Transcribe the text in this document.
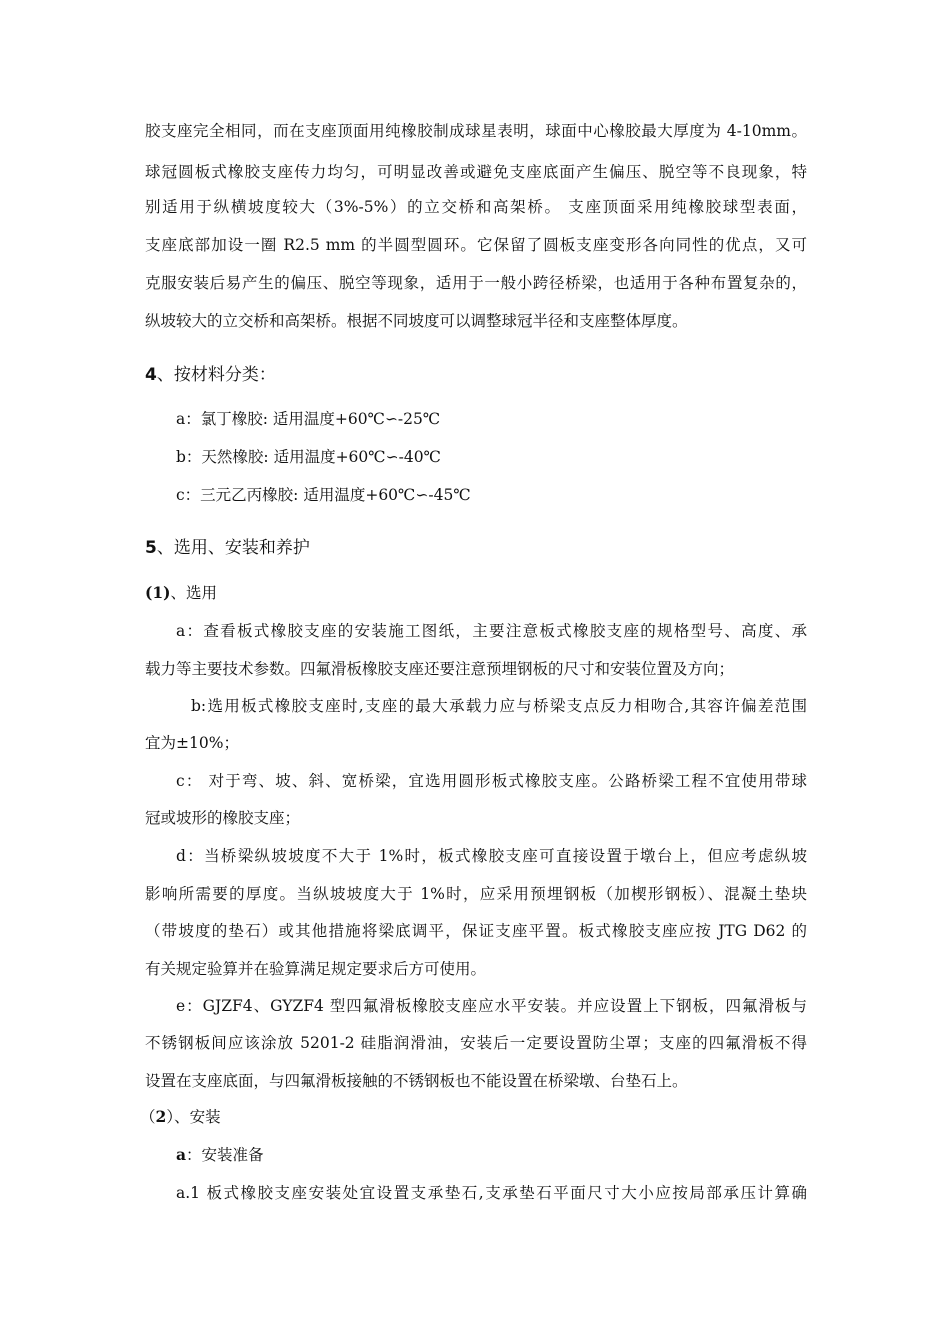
胶支座完全相同，而在支座顶面用纯橡胶制成球星表明，球面中心橡胶最大厚度为 4-10mm。
球冠圆板式橡胶支座传力均匀，可明显改善或避免支座底面产生偏压、脱空等不良现象，特
别适用于纵横坡度较大（3%-5%）的立交桥和高架桥。 支座顶面采用纯橡胶球型表面，
支座底部加设一圈 R2.5 mm 的半圆型圆环。它保留了圆板支座变形各向同性的优点，又可
克服安装后易产生的偏压、脱空等现象，适用于一般小跨径桥梁，也适用于各种布置复杂的，
纵坡较大的立交桥和高架桥。根据不同坡度可以调整球冠半径和支座整体厚度。
4、按材料分类：
a：氯丁橡胶: 适用温度+60℃∽-25℃
b：天然橡胶: 适用温度+60℃∽-40℃
c：三元乙丙橡胶: 适用温度+60℃∽-45℃
5、选用、安装和养护
(1)、选用
a：查看板式橡胶支座的安装施工图纸，主要注意板式橡胶支座的规格型号、高度、承
载力等主要技术参数。四氟滑板橡胶支座还要注意预埋钢板的尺寸和安装位置及方向；
b:选用板式橡胶支座时,支座的最大承载力应与桥梁支点反力相吻合,其容许偏差范围
宜为±10%；
c： 对于弯、坡、斜、宽桥梁，宜选用圆形板式橡胶支座。公路桥梁工程不宜使用带球
冠或坡形的橡胶支座；
d：当桥梁纵坡坡度不大于 1%时，板式橡胶支座可直接设置于墩台上，但应考虑纵坡
影响所需要的厚度。当纵坡坡度大于 1%时，应采用预埋钢板（加楔形钢板）、混凝土垫块
（带坡度的垫石）或其他措施将梁底调平，保证支座平置。板式橡胶支座应按 JTG D62 的
有关规定验算并在验算满足规定要求后方可使用。
e：GJZF4、GYZF4 型四氟滑板橡胶支座应水平安装。并应设置上下钢板，四氟滑板与
不锈钢板间应该涂放 5201-2 硅脂润滑油，安装后一定要设置防尘罩；支座的四氟滑板不得
设置在支座底面，与四氟滑板接触的不锈钢板也不能设置在桥梁墩、台垫石上。
（2）、安装
a：安装准备
a.1 板式橡胶支座安装处宜设置支承垫石,支承垫石平面尺寸大小应按局部承压计算确
